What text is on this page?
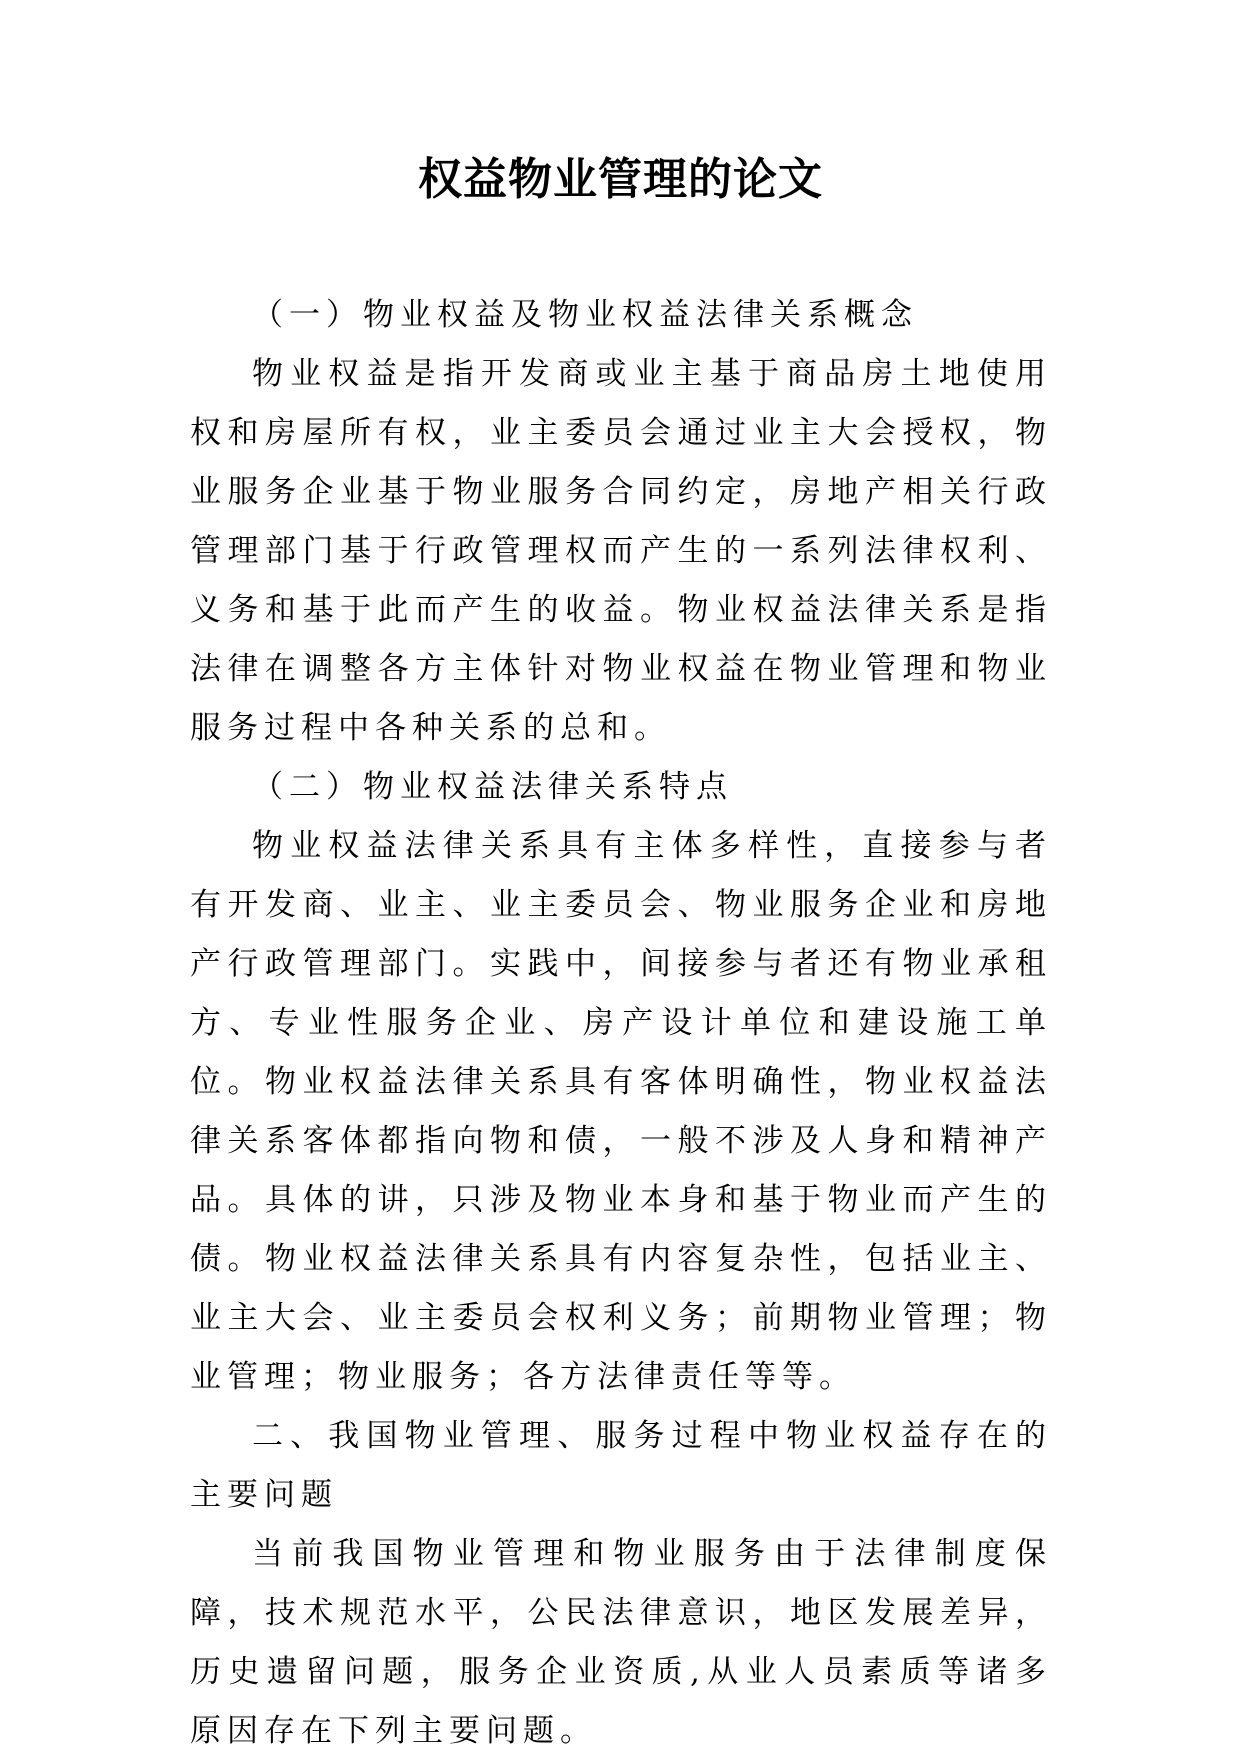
权益物业管理的论文

（一）物业权益及物业权益法律关系概念

物业权益是指开发商或业主基于商品房土地使用权和房屋所有权，业主委员会通过业主大会授权，物业服务企业基于物业服务合同约定，房地产相关行政管理部门基于行政管理权而产生的一系列法律权利、义务和基于此而产生的收益。物业权益法律关系是指法律在调整各方主体针对物业权益在物业管理和物业服务过程中各种关系的总和。

（二）物业权益法律关系特点

物业权益法律关系具有主体多样性，直接参与者有开发商、业主、业主委员会、物业服务企业和房地产行政管理部门。实践中，间接参与者还有物业承租方、专业性服务企业、房产设计单位和建设施工单位。物业权益法律关系具有客体明确性，物业权益法律关系客体都指向物和债，一般不涉及人身和精神产品。具体的讲，只涉及物业本身和基于物业而产生的债。物业权益法律关系具有内容复杂性，包括业主、业主大会、业主委员会权利义务；前期物业管理；物业管理；物业服务；各方法律责任等等。

二、我国物业管理、服务过程中物业权益存在的主要问题

当前我国物业管理和物业服务由于法律制度保障，技术规范水平，公民法律意识，地区发展差异，历史遗留问题，服务企业资质,从业人员素质等诸多原因存在下列主要问题。
